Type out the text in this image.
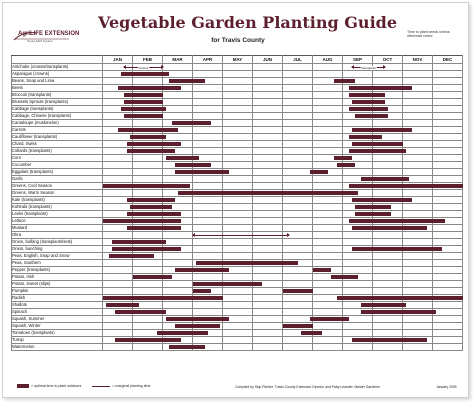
AgriLIFE EXTENSION
Texas A&M System
Vegetable Garden Planting Guide
for Travis County
Time to plant seeds unless otherwise noted
	JAN	FEB	MAR	APR	MAY	JUN	JUL	AUG	SEP	OCT	NOV	DEC
Artichoke (crowns/transplants)	crowns transplants											

Asparagus (crowns)	

Beans, Snap and Lima	

Beets	

Broccoli (transplants)	

Brussels Sprouts (transplants)	

Cabbage (transplants)	

Cabbage, Chinese (transplants)	

Cantaloupe (muskmelon)	

Carrots	

Cauliflower (transplants)	

Chard, Swiss	

Collards (transplants)	

Corn	

Cucumber	

Eggplant (transplants)	

Garlic	

Greens, Cool Season	

Greens, Warm Season	

Kale (transplants)	

Kohlrabi (transplants)	

Leeks (transplants)	

Lettuce	

Mustard	

Okra	

Onion, bulbing (transplants/sets)	

Onion, bunching	

Peas, English, Snap and Snow	

Peas, Southern	

Pepper (transplants)	

Potato, Irish	

Potato, Sweet (slips)	

Pumpkin	

Radish	

Shallots	

Spinach	

Squash, Summer	

Squash, Winter	

Tomatoes (transplants)	

Turnip	

Watermelon	

= optimal time to plant outdoors	= marginal planting time	Compiled by Skip Richter, Travis County Extension Director and Patty Leander, Master Gardener	January 2009
